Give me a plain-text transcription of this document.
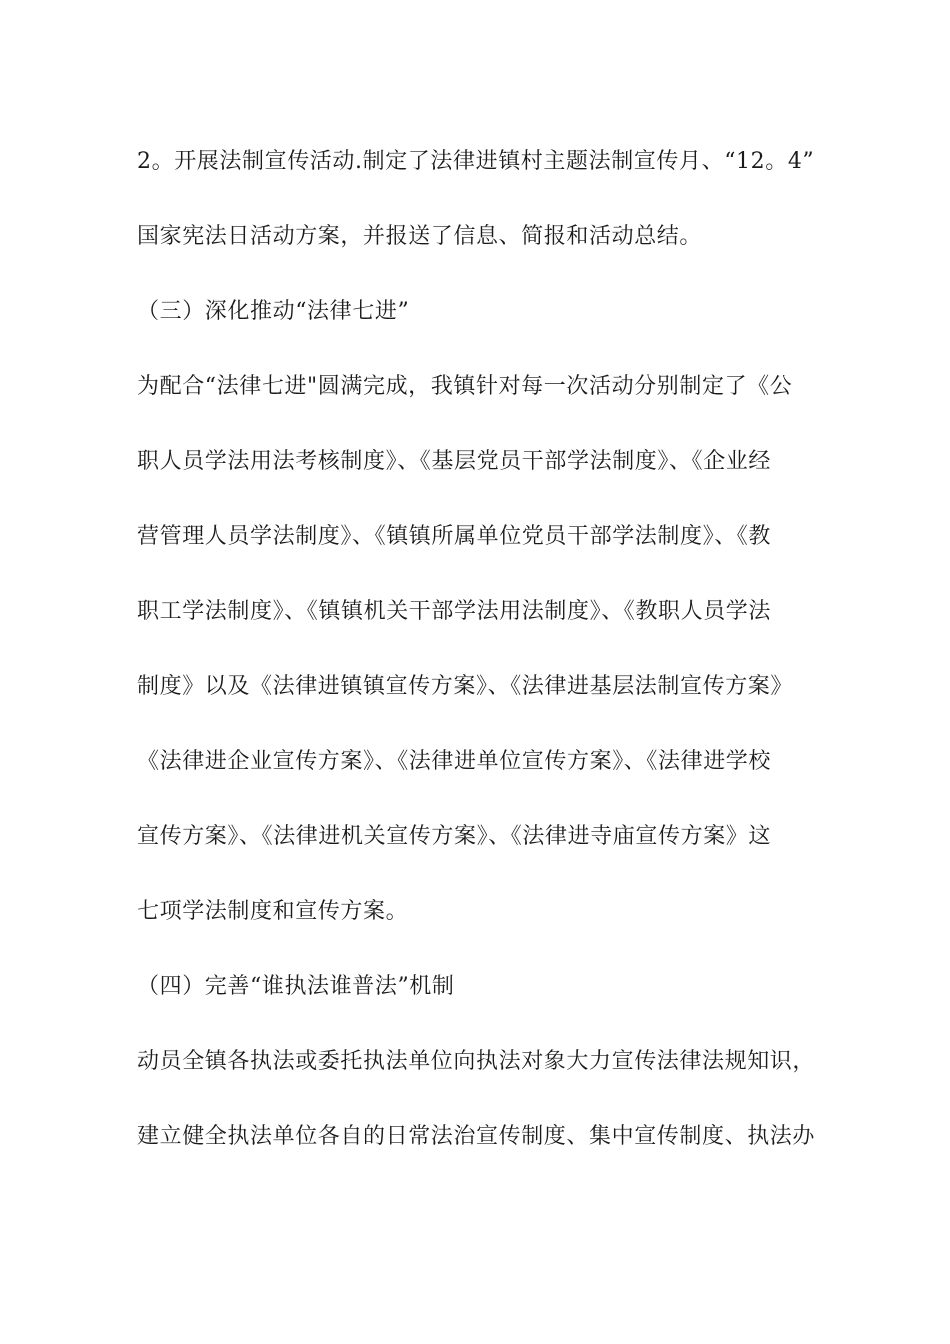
2。开展法制宣传活动.制定了法律进镇村主题法制宣传月、“12。4”
国家宪法日活动方案，并报送了信息、简报和活动总结。
（三）深化推动“法律七进”
为配合“法律七进"圆满完成，我镇针对每一次活动分别制定了《公
职人员学法用法考核制度》、《基层党员干部学法制度》、《企业经
营管理人员学法制度》、《镇镇所属单位党员干部学法制度》、《教
职工学法制度》、《镇镇机关干部学法用法制度》、《教职人员学法
制度》以及《法律进镇镇宣传方案》、《法律进基层法制宣传方案》
《法律进企业宣传方案》、《法律进单位宣传方案》、《法律进学校
宣传方案》、《法律进机关宣传方案》、《法律进寺庙宣传方案》这
七项学法制度和宣传方案。
（四）完善“谁执法谁普法”机制
动员全镇各执法或委托执法单位向执法对象大力宣传法律法规知识，
建立健全执法单位各自的日常法治宣传制度、集中宣传制度、执法办
